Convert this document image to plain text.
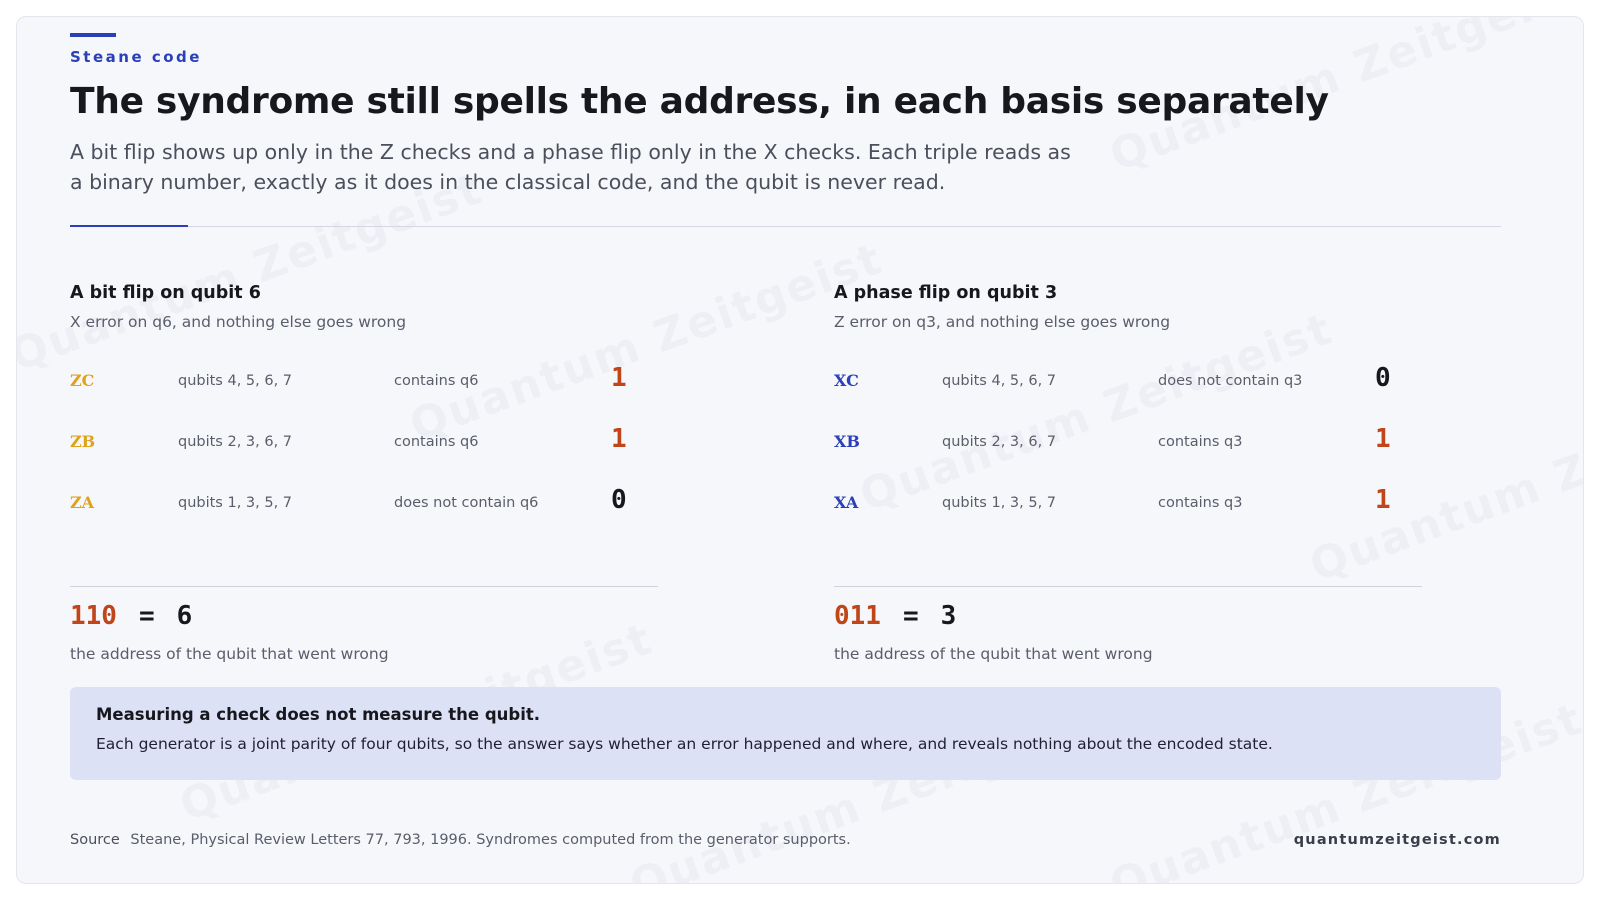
Steane code
The syndrome still spells the address, in each basis separately

A bit flip shows up only in the Z checks and a phase flip only in the X checks. Each triple reads as a binary number, exactly as it does in the classical code, and the qubit is never read.

A bit flip on qubit 6
X error on q6, and nothing else goes wrong
ZC	qubits 4, 5, 6, 7	contains q6	1
ZB	qubits 2, 3, 6, 7	contains q6	1
ZA	qubits 1, 3, 5, 7	does not contain q6	0
A phase flip on qubit 3
Z error on q3, and nothing else goes wrong
XC	qubits 4, 5, 6, 7	does not contain q3	0
XB	qubits 2, 3, 6, 7	contains q3	1
XA	qubits 1, 3, 5, 7	contains q3	1
110 = 6
the address of the qubit that went wrong
011 = 3
the address of the qubit that went wrong
Measuring a check does not measure the qubit.
Each generator is a joint parity of four qubits, so the answer says whether an error happened and where, and reveals nothing about the encoded state.
Source Steane, Physical Review Letters 77, 793, 1996. Syndromes computed from the generator supports.	quantumzeitgeist.com
